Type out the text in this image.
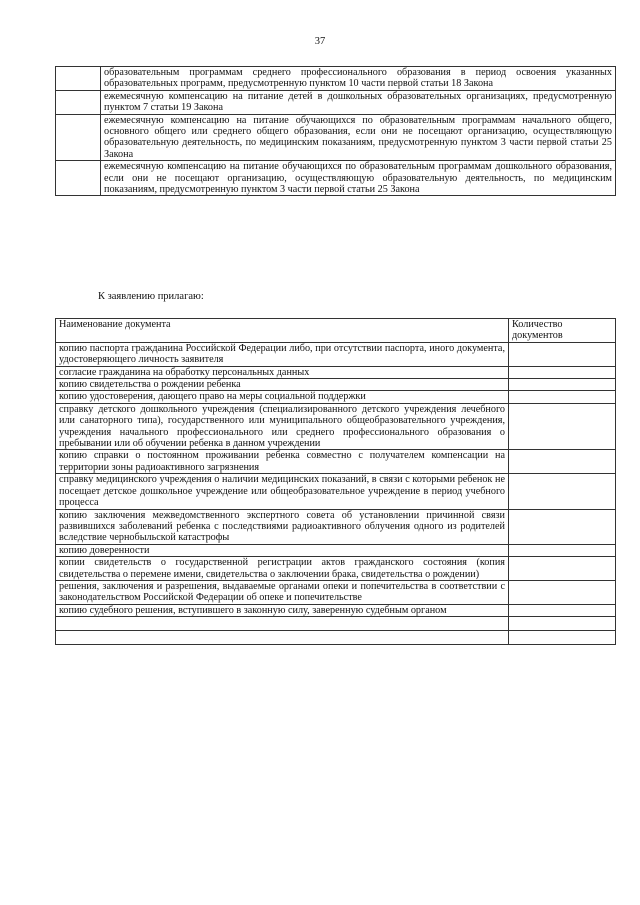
37
	образовательным программам среднего профессионального образования в период освоения указанных образовательных программ, предусмотренную пунктом 10 части первой статьи 18 Закона
	ежемесячную компенсацию на питание детей в дошкольных образовательных организациях, предусмотренную пунктом 7 статьи 19 Закона
	ежемесячную компенсацию на питание обучающихся по образовательным программам начального общего, основного общего или среднего общего образования, если они не посещают организацию, осуществляющую образовательную деятельность, по медицинским показаниям, предусмотренную пунктом 3 части первой статьи 25 Закона
	ежемесячную компенсацию на питание обучающихся по образовательным программам дошкольного образования, если они не посещают организацию, осуществляющую образовательную деятельность, по медицинским показаниям, предусмотренную пунктом 3 части первой статьи 25 Закона
К заявлению прилагаю:
Наименование документа	Количество документов
копию паспорта гражданина Российской Федерации либо, при отсутствии паспорта, иного документа, удостоверяющего личность заявителя	
согласие гражданина на обработку персональных данных	
копию свидетельства о рождении ребенка	
копию удостоверения, дающего право на меры социальной поддержки	
справку детского дошкольного учреждения (специализированного детского учреждения лечебного или санаторного типа), государственного или муниципального общеобразовательного учреждения, учреждения начального профессионального или среднего профессионального образования о пребывании или об обучении ребенка в данном учреждении	
копию справки о постоянном проживании ребенка совместно с получателем компенсации на территории зоны радиоактивного загрязнения	
справку медицинского учреждения о наличии медицинских показаний, в связи с которыми ребенок не посещает детское дошкольное учреждение или общеобразовательное учреждение в период учебного процесса	
копию заключения межведомственного экспертного совета об установлении причинной связи развившихся заболеваний ребенка с последствиями радиоактивного облучения одного из родителей вследствие чернобыльской катастрофы	
копию доверенности	
копии свидетельств о государственной регистрации актов гражданского состояния (копия свидетельства о перемене имени, свидетельства о заключении брака, свидетельства о рождении)	
решения, заключения и разрешения, выдаваемые органами опеки и попечительства в соответствии с законодательством Российской Федерации об опеке и попечительстве	
копию судебного решения, вступившего в законную силу, заверенную судебным органом	
